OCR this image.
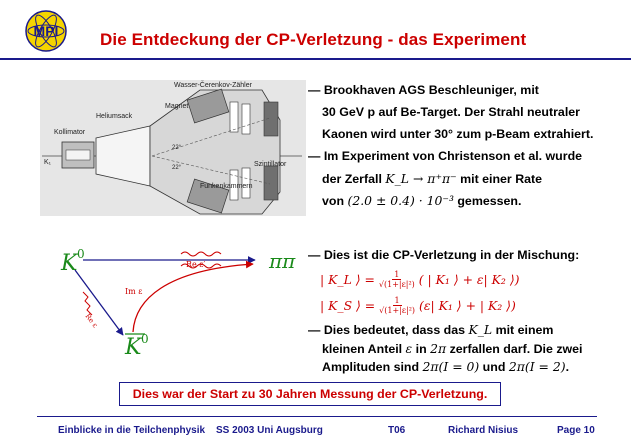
MPI Die Entdeckung der CP-Verletzung - das Experiment
Wasser-Čerenkov-Zähler
Magnet
Heliumsack
Kollimator
Szintillator
Funkenkammern
K₁
22°
22°
— Brookhaven AGS Beschleuniger, mit
30 GeV p auf Be-Target. Der Strahl neutraler
Kaonen wird unter 30° zum p-Beam extrahiert.
— Im Experiment von Christenson et al. wurde
der Zerfall K_L → π⁺π⁻ mit einer Rate
von (2.0 ± 0.4) · 10⁻³ gemessen.
K 0
K 0
ππ
Re ε′
Im ε
Re ε
— Dies ist die CP-Verletzung in der Mischung:
| K_L ⟩ = $\frac{1}{\text{√(1+|ε|²)}}$ ( | K₁ ⟩ + ε| K₂ ⟩)
| K_S ⟩ = $\frac{1}{\text{√(1+|ε|²)}} (\varepsilon|$ K₁ ⟩ + | K₂ ⟩)
— Dies bedeutet, dass das K_L mit einem
kleinen Anteil ε in 2π zerfallen darf. Die zwei
Amplituden sind 2π(I = 0) und 2π(I = 2).
Dies war der Start zu 30 Jahren Messung der CP-Verletzung.
Einblicke in die Teilchenphysik SS 2003 Uni Augsburg	T06	Richard Nisius	Page 10
